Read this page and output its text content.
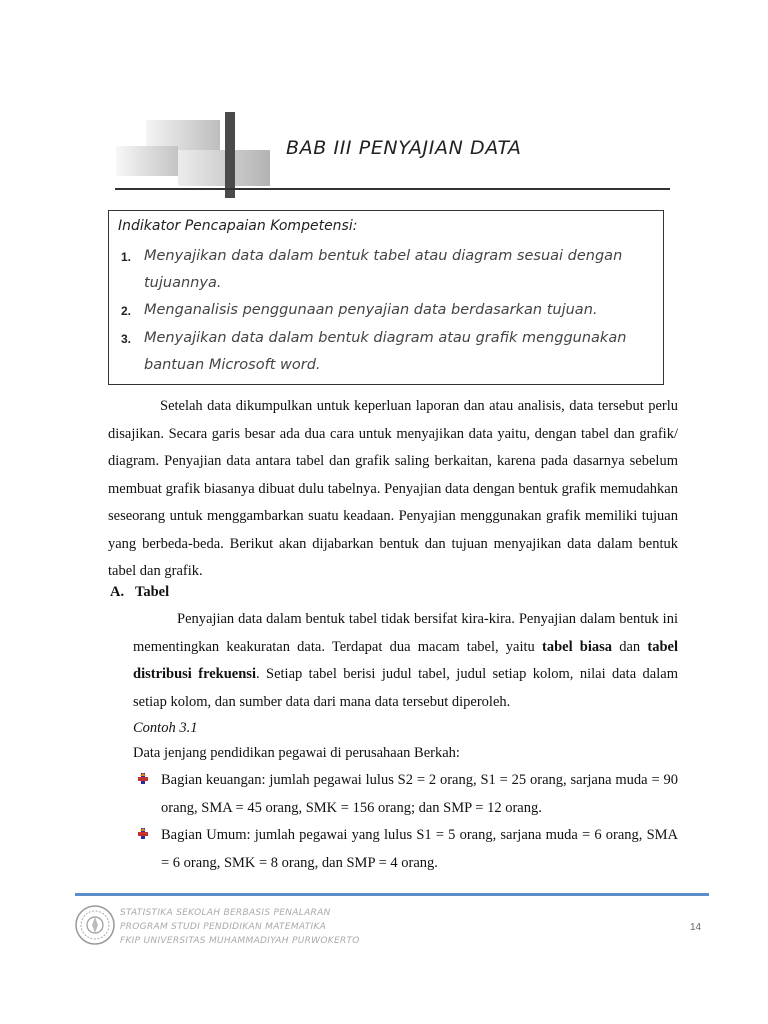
BAB III PENYAJIAN DATA
Indikator Pencapaian Kompetensi:
1. Menyajikan data dalam bentuk tabel atau diagram sesuai dengan
tujuannya.
2. Menganalisis penggunaan penyajian data berdasarkan tujuan.
3. Menyajikan data dalam bentuk diagram atau grafik menggunakan
bantuan Microsoft word.
Setelah data dikumpulkan untuk keperluan laporan dan atau analisis, data tersebut perlu disajikan. Secara garis besar ada dua cara untuk menyajikan data yaitu, dengan tabel dan grafik/ diagram. Penyajian data antara tabel dan grafik saling berkaitan, karena pada dasarnya sebelum membuat grafik biasanya dibuat dulu tabelnya. Penyajian data dengan bentuk grafik memudahkan seseorang untuk menggambarkan suatu keadaan. Penyajian menggunakan grafik memiliki tujuan yang berbeda-beda. Berikut akan dijabarkan bentuk dan tujuan menyajikan data dalam bentuk tabel dan grafik.
A. Tabel
Penyajian data dalam bentuk tabel tidak bersifat kira-kira. Penyajian dalam bentuk ini mementingkan keakuratan data. Terdapat dua macam tabel, yaitu tabel biasa dan tabel distribusi frekuensi. Setiap tabel berisi judul tabel, judul setiap kolom, nilai data dalam setiap kolom, dan sumber data dari mana data tersebut diperoleh.
Contoh 3.1
Data jenjang pendidikan pegawai di perusahaan Berkah:
Bagian keuangan: jumlah pegawai lulus S2 = 2 orang, S1 = 25 orang, sarjana muda = 90 orang, SMA = 45 orang, SMK = 156 orang; dan SMP = 12 orang.
Bagian Umum: jumlah pegawai yang lulus S1 = 5 orang, sarjana muda = 6 orang, SMA = 6 orang, SMK = 8 orang, dan SMP = 4 orang.
STATISTIKA SEKOLAH BERBASIS PENALARAN
PROGRAM STUDI PENDIDIKAN MATEMATIKA
FKIP UNIVERSITAS MUHAMMADIYAH PURWOKERTO
14
